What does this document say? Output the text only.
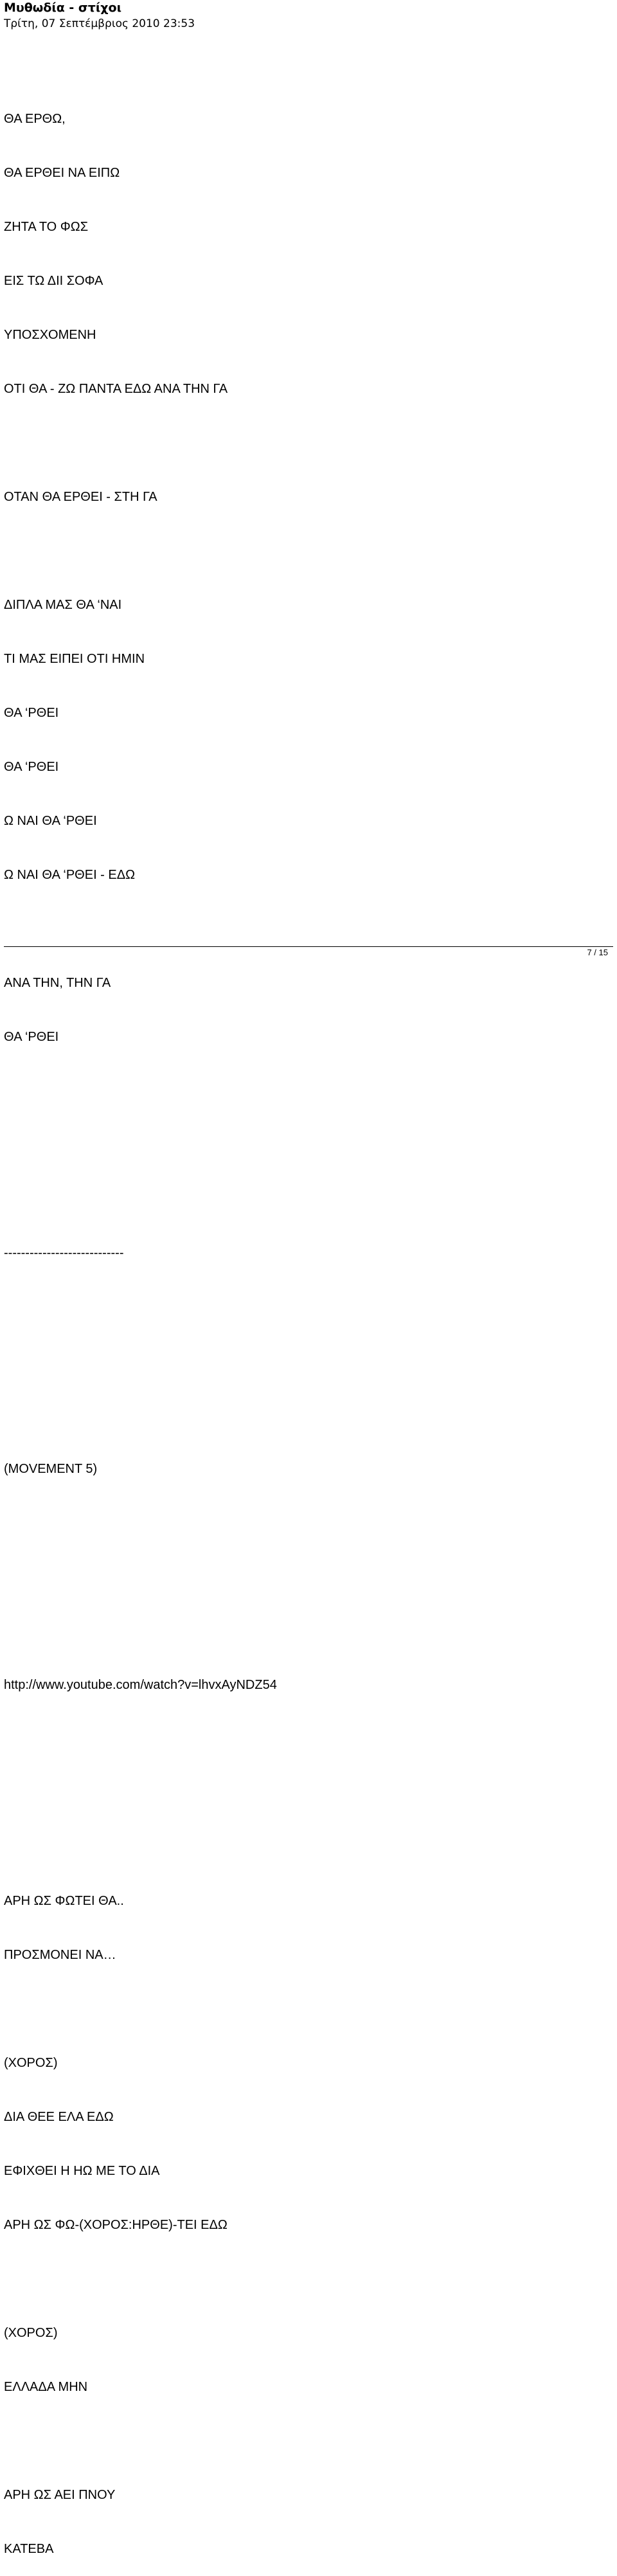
Μυθωδία - στίχοι
Τρίτη, 07 Σεπτέμβριος 2010 23:53

ΘΑ ΕΡΘΩ,

ΘΑ ΕΡΘΕΙ ΝΑ ΕΙΠΩ

ΖΗΤΑ ΤΟ ΦΩΣ

ΕΙΣ ΤΩ ΔΙΙ ΣΟΦΑ

ΥΠΟΣΧΟΜΕΝΗ

ΟΤΙ ΘΑ - ΖΩ ΠΑΝΤΑ ΕΔΩ ΑΝΑ ΤΗΝ ΓΑ

ΟΤΑΝ ΘΑ ΕΡΘΕΙ - ΣΤΗ ΓΑ

ΔΙΠΛΑ ΜΑΣ ΘΑ ‘ΝΑΙ

ΤΙ ΜΑΣ ΕΙΠΕΙ ΟΤΙ ΗΜΙΝ

ΘΑ ‘ΡΘΕΙ

ΘΑ ‘ΡΘΕΙ

Ω ΝΑΙ ΘΑ ‘ΡΘΕΙ

Ω ΝΑΙ ΘΑ ‘ΡΘΕΙ - ΕΔΩ

ΑΝΑ ΤΗΝ, ΤΗΝ ΓΑ

ΘΑ ‘ΡΘΕΙ

----------------------------

(MOVEMENT 5)

http://www.youtube.com/watch?v=lhvxAyNDZ54

ΑΡΗ ΩΣ ΦΩΤΕΙ ΘΑ..

ΠΡΟΣΜΟΝΕΙ ΝΑ…

(ΧΟΡΟΣ)

ΔΙΑ ΘΕΕ ΕΛΑ ΕΔΩ

ΕΦΙΧΘΕΙ Η ΗΩ ΜΕ ΤΟ ΔΙΑ

ΑΡΗ ΩΣ ΦΩ-(ΧΟΡΟΣ:ΗΡΘΕ)-ΤΕΙ ΕΔΩ

(ΧΟΡΟΣ)

ΕΛΛΑΔΑ ΜΗΝ

ΑΡΗ ΩΣ ΑΕΙ ΠΝΟΥ

ΚΑΤΕΒΑ

7 / 15
